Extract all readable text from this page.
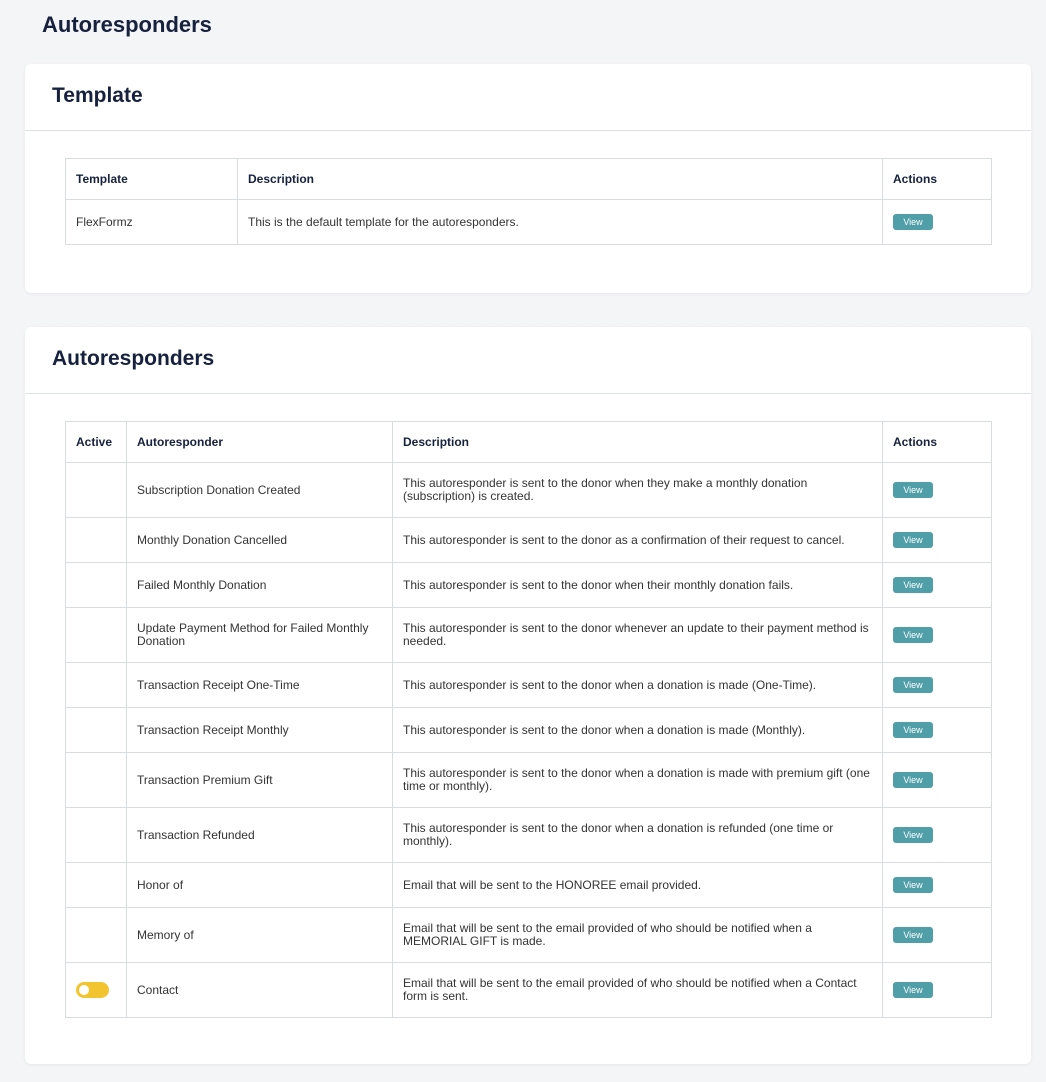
Autoresponders
Template
Template	Description	Actions
FlexFormz	This is the default template for the autoresponders.	View
Autoresponders
Active	Autoresponder	Description	Actions
	Subscription Donation Created	This autoresponder is sent to the donor when they make a monthly donation (subscription) is created.	View
	Monthly Donation Cancelled	This autoresponder is sent to the donor as a confirmation of their request to cancel.	View
	Failed Monthly Donation	This autoresponder is sent to the donor when their monthly donation fails.	View
	Update Payment Method for Failed Monthly Donation	This autoresponder is sent to the donor whenever an update to their payment method is needed.	View
	Transaction Receipt One-Time	This autoresponder is sent to the donor when a donation is made (One-Time).	View
	Transaction Receipt Monthly	This autoresponder is sent to the donor when a donation is made (Monthly).	View
	Transaction Premium Gift	This autoresponder is sent to the donor when a donation is made with premium gift (one time or monthly).	View
	Transaction Refunded	This autoresponder is sent to the donor when a donation is refunded (one time or monthly).	View
	Honor of	Email that will be sent to the HONOREE email provided.	View
	Memory of	Email that will be sent to the email provided of who should be notified when a MEMORIAL GIFT is made.	View

	Contact	Email that will be sent to the email provided of who should be notified when a Contact form is sent.	View
